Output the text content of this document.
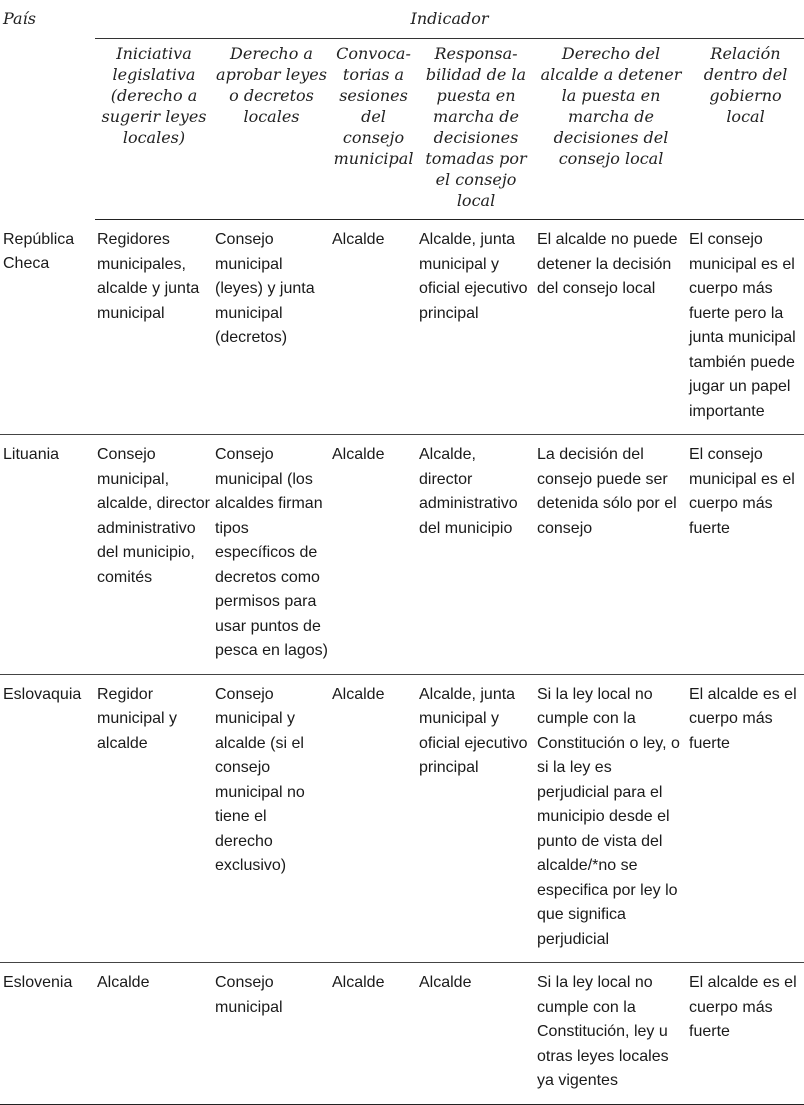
País	Indicador					
	Iniciativa legislativa (derecho a sugerir leyes locales)	Derecho a aprobar leyes o decretos locales	Convoca-torias a sesiones del consejo municipal	Responsa-bilidad de la puesta en marcha de decisiones tomadas por el consejo local	Derecho del alcalde a detener la puesta en marcha de decisiones del consejo local	Relación dentro del gobierno local
República Checa	Regidores municipales, alcalde y junta municipal	Consejo municipal (leyes) y junta municipal (decretos)	Alcalde	Alcalde, junta municipal y oficial ejecutivo principal	El alcalde no puede detener la decisión del consejo local	El consejo municipal es el cuerpo más fuerte pero la junta municipal también puede jugar un papel importante
Lituania	Consejo municipal, alcalde, director administrativo del municipio, comités	Consejo municipal (los alcaldes firman tipos específicos de decretos como permisos para usar puntos de pesca en lagos)	Alcalde	Alcalde, director administrativo del municipio	La decisión del consejo puede ser detenida sólo por el consejo	El consejo municipal es el cuerpo más fuerte
Eslovaquia	Regidor municipal y alcalde	Consejo municipal y alcalde (si el consejo municipal no tiene el derecho exclusivo)	Alcalde	Alcalde, junta municipal y oficial ejecutivo principal	Si la ley local no cumple con la Constitución o ley, o si la ley es perjudicial para el municipio desde el punto de vista del alcalde/*no se especifica por ley lo que significa perjudicial	El alcalde es el cuerpo más fuerte
Eslovenia	Alcalde	Consejo municipal	Alcalde	Alcalde	Si la ley local no cumple con la Constitución, ley u otras leyes locales ya vigentes	El alcalde es el cuerpo más fuerte
